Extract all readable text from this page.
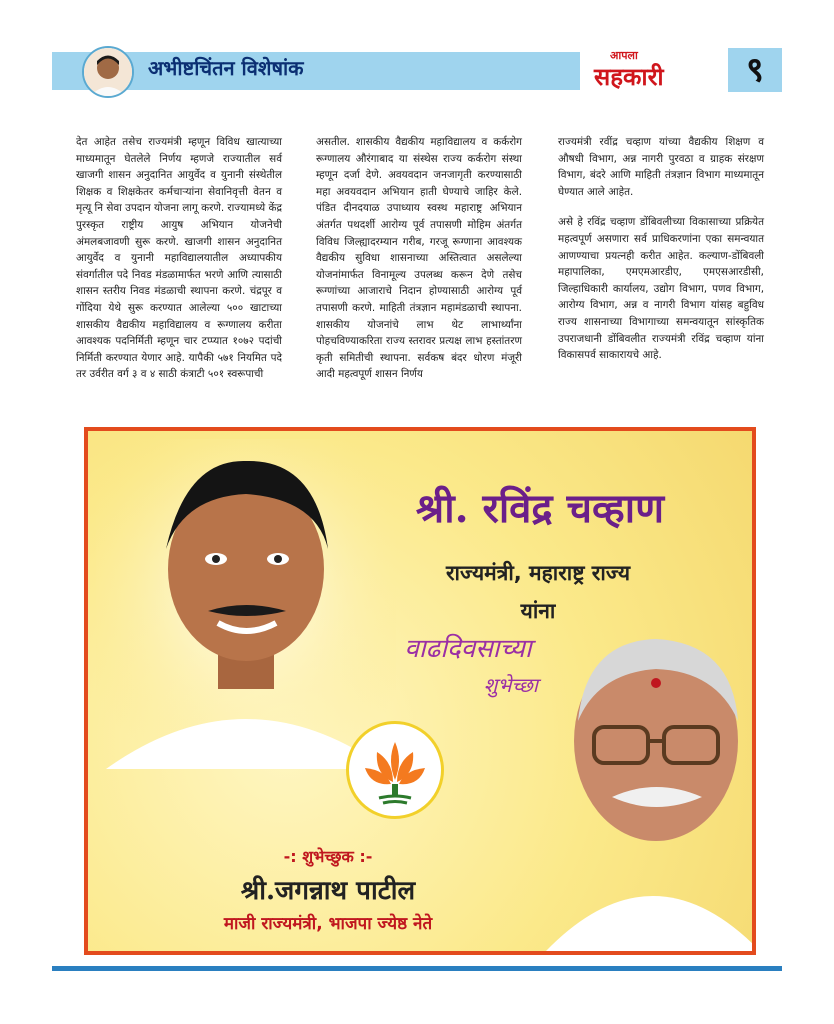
अभीष्टचिंतन विशेषांक
आपला
सहकारी	९

देत आहेत तसेच राज्यमंत्री म्हणून विविध खात्याच्या माध्यमातून घेतलेले निर्णय म्हणजे राज्यातील सर्व खाजगी शासन अनुदानित आयुर्वेद व युनानी संस्थेतील शिक्षक व शिक्षकेतर कर्मचाऱ्यांना सेवानिवृत्ती वेतन व मृत्यू नि सेवा उपदान योजना लागू करणे. राज्यामध्ये केंद्र पुरस्कृत राष्ट्रीय आयुष अभियान योजनेची अंमलबजावणी सुरू करणे. खाजगी शासन अनुदानित आयुर्वेद व युनानी महाविद्यालयातील अध्यापकीय संवर्गातील पदे निवड मंडळामार्फत भरणे आणि त्यासाठी शासन स्तरीय निवड मंडळाची स्थापना करणे. चंद्रपूर व गोंदिया येथे सुरू करण्यात आलेल्या ५०० खाटाच्या शासकीय वैद्यकीय महाविद्यालय व रूग्णालय करीता आवश्यक पदनिर्मिती म्हणून चार टप्प्यात १०७२ पदांची निर्मिती करण्यात येणार आहे. यापैकी ५७१ नियमित पदे तर उर्वरीत वर्ग ३ व ४ साठी कंत्राटी ५०१ स्वरूपाची

असतील. शासकीय वैद्यकीय महाविद्यालय व कर्करोग रूग्णालय औरंगाबाद या संस्थेस राज्य कर्करोग संस्था म्हणून दर्जा देणे. अवयवदान जनजागृती करण्यासाठी महा अवयवदान अभियान हाती घेण्याचे जाहिर केले. पंडित दीनदयाळ उपाध्याय स्वस्थ महाराष्ट्र अभियान अंतर्गत पथदर्शी आरोग्य पूर्व तपासणी मोहिम अंतर्गत विविध जिल्ह्यादरम्यान गरीब, गरजू रूग्णाना आवश्यक वैद्यकीय सुविधा शासनाच्या अस्तित्वात असलेल्या योजनांमार्फत विनामूल्य उपलब्ध करून देणे तसेच रूग्णांच्या आजाराचे निदान होण्यासाठी आरोग्य पूर्व तपासणी करणे. माहिती तंत्रज्ञान महामंडळाची स्थापना. शासकीय योजनांचे लाभ थेट लाभार्थ्यांना पोहचविण्याकरिता राज्य स्तरावर प्रत्यक्ष लाभ हस्तांतरण कृती समितीची स्थापना. सर्वकष बंदर धोरण मंजूरी आदी महत्वपूर्ण शासन निर्णय

राज्यमंत्री रवींद्र चव्हाण यांच्या वैद्यकीय शिक्षण व औषधी विभाग, अन्न नागरी पुरवठा व ग्राहक संरक्षण विभाग, बंदरे आणि माहिती तंत्रज्ञान विभाग माध्यमातून घेण्यात आले आहेत.

असे हे रविंद्र चव्हाण डोंबिवलीच्या विकासाच्या प्रक्रियेत महत्वपूर्ण असणारा सर्व प्राधिकरणांना एका समन्वयात आणण्याचा प्रयत्नही करीत आहेत. कल्याण-डोंबिवली महापालिका, एमएमआरडीए, एमएसआरडीसी, जिल्हाधिकारी कार्यालय, उद्योग विभाग, पणव विभाग, आरोग्य विभाग, अन्न व नागरी विभाग यांसह बहुविध राज्य शासनाच्या विभागाच्या समन्वयातून सांस्कृतिक उपराजधानी डोंबिवलीत राज्यमंत्री रविंद्र चव्हाण यांना विकासपर्व साकारायचे आहे.

श्री. रविंद्र चव्हाण
राज्यमंत्री, महाराष्ट्र राज्य
यांना
वाढदिवसाच्या
शुभेच्छा
-: शुभेच्छुक :-
श्री.जगन्नाथ पाटील
माजी राज्यमंत्री, भाजपा ज्येष्ठ नेते
